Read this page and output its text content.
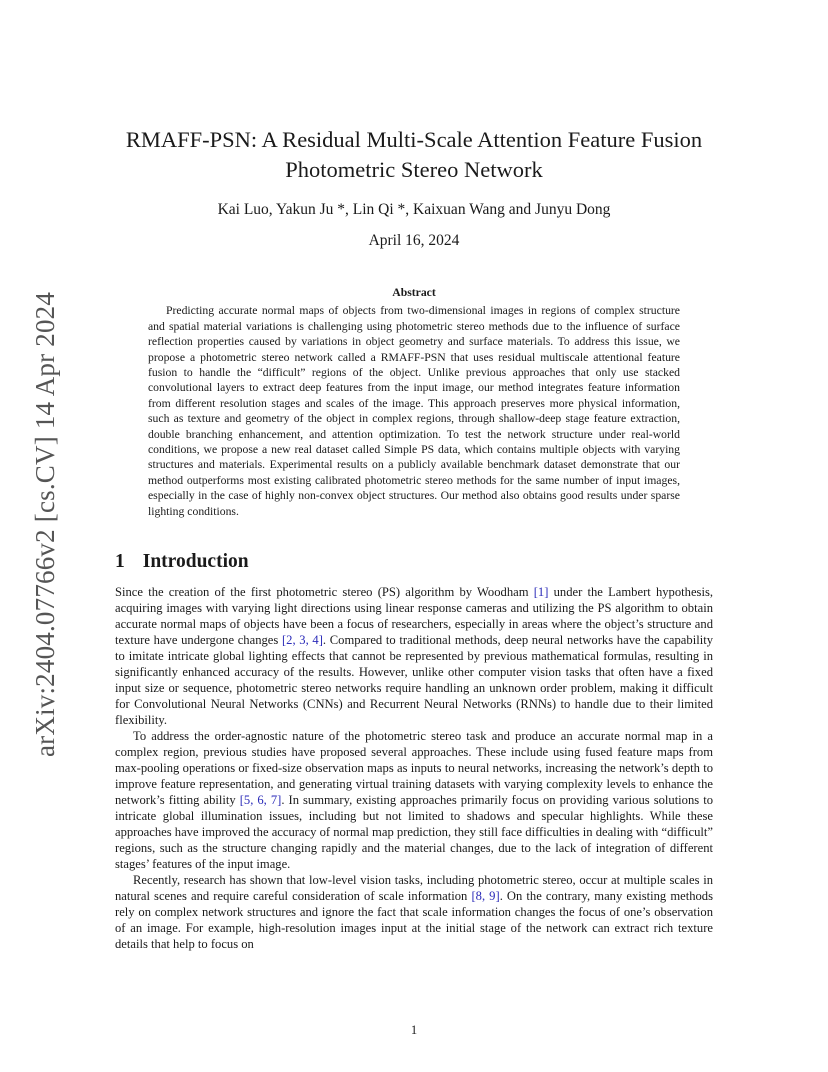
arXiv:2404.07766v2 [cs.CV] 14 Apr 2024
RMAFF-PSN: A Residual Multi-Scale Attention Feature Fusion Photometric Stereo Network
Kai Luo, Yakun Ju *, Lin Qi *, Kaixuan Wang and Junyu Dong
April 16, 2024
Abstract

Predicting accurate normal maps of objects from two-dimensional images in regions of complex structure and spatial material variations is challenging using photometric stereo methods due to the influence of surface reflection properties caused by variations in object geometry and surface materials. To address this issue, we propose a photometric stereo network called a RMAFF-PSN that uses residual multiscale attentional feature fusion to handle the “difficult” regions of the object. Unlike previous approaches that only use stacked convolutional layers to extract deep features from the input image, our method integrates feature information from different resolution stages and scales of the image. This approach preserves more physical information, such as texture and geometry of the object in complex regions, through shallow-deep stage feature extraction, double branching enhancement, and attention optimization. To test the network structure under real-world conditions, we propose a new real dataset called Simple PS data, which contains multiple objects with varying structures and materials. Experimental results on a publicly available benchmark dataset demonstrate that our method outperforms most existing calibrated photometric stereo methods for the same number of input images, especially in the case of highly non-convex object structures. Our method also obtains good results under sparse lighting conditions.

1 Introduction

Since the creation of the first photometric stereo (PS) algorithm by Woodham [1] under the Lambert hypothesis, acquiring images with varying light directions using linear response cameras and utilizing the PS algorithm to obtain accurate normal maps of objects have been a focus of researchers, especially in areas where the object’s structure and texture have undergone changes [2, 3, 4]. Compared to traditional methods, deep neural networks have the capability to imitate intricate global lighting effects that cannot be represented by previous mathematical formulas, resulting in significantly enhanced accuracy of the results. However, unlike other computer vision tasks that often have a fixed input size or sequence, photometric stereo networks require handling an unknown order problem, making it difficult for Convolutional Neural Networks (CNNs) and Recurrent Neural Networks (RNNs) to handle due to their limited flexibility.

To address the order-agnostic nature of the photometric stereo task and produce an accurate normal map in a complex region, previous studies have proposed several approaches. These include using fused feature maps from max-pooling operations or fixed-size observation maps as inputs to neural networks, increasing the network’s depth to improve feature representation, and generating virtual training datasets with varying complexity levels to enhance the network’s fitting ability [5, 6, 7]. In summary, existing approaches primarily focus on providing various solutions to intricate global illumination issues, including but not limited to shadows and specular highlights. While these approaches have improved the accuracy of normal map prediction, they still face difficulties in dealing with “difficult” regions, such as the structure changing rapidly and the material changes, due to the lack of integration of different stages’ features of the input image.

Recently, research has shown that low-level vision tasks, including photometric stereo, occur at multiple scales in natural scenes and require careful consideration of scale information [8, 9]. On the contrary, many existing methods rely on complex network structures and ignore the fact that scale information changes the focus of one’s observation of an image. For example, high-resolution images input at the initial stage of the network can extract rich texture details that help to focus on

1
